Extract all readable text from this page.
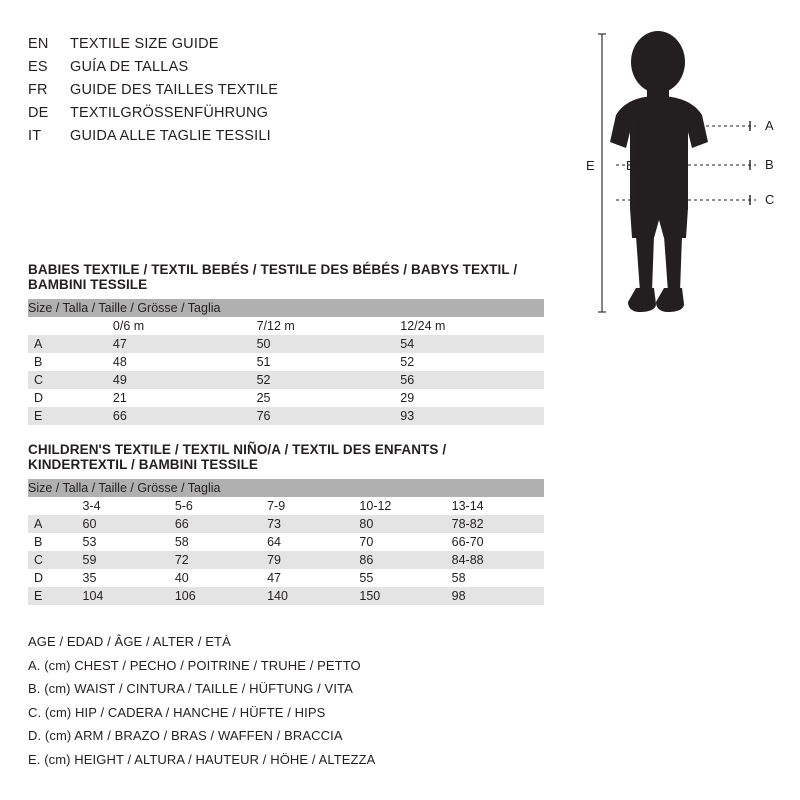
EN	TEXTILE SIZE GUIDE
ES	GUÍA DE TALLAS
FR	GUIDE DES TAILLES TEXTILE
DE	TEXTILGRÖSSENFÜHRUNG
IT	GUIDA ALLE TAGLIE TESSILI
A
B
C
D
E
BABIES TEXTILE / TEXTIL BEBÉS / TESTILE DES BÉBÉS / BABYS TEXTIL / BAMBINI TESSILE
Size / Talla / Taille / Grösse / Taglia			
	0/6 m	7/12 m	12/24 m
A	47	50	54
B	48	51	52
C	49	52	56
D	21	25	29
E	66	76	93
CHILDREN'S TEXTILE / TEXTIL NIÑO/A / TEXTIL DES ENFANTS / KINDERTEXTIL / BAMBINI TESSILE
Size / Talla / Taille / Grösse / Taglia					
	3-4	5-6	7-9	10-12	13-14
A	60	66	73	80	78-82
B	53	58	64	70	66-70
C	59	72	79	86	84-88
D	35	40	47	55	58
E	104	106	140	150	98
AGE / EDAD / ÂGE / ALTER / ETÀ
A. (cm) CHEST / PECHO / POITRINE / TRUHE / PETTO
B. (cm) WAIST / CINTURA / TAILLE / HÜFTUNG / VITA
C. (cm) HIP / CADERA / HANCHE / HÜFTE / HIPS
D. (cm) ARM / BRAZO / BRAS / WAFFEN / BRACCIA
E. (cm) HEIGHT / ALTURA / HAUTEUR / HÖHE / ALTEZZA
